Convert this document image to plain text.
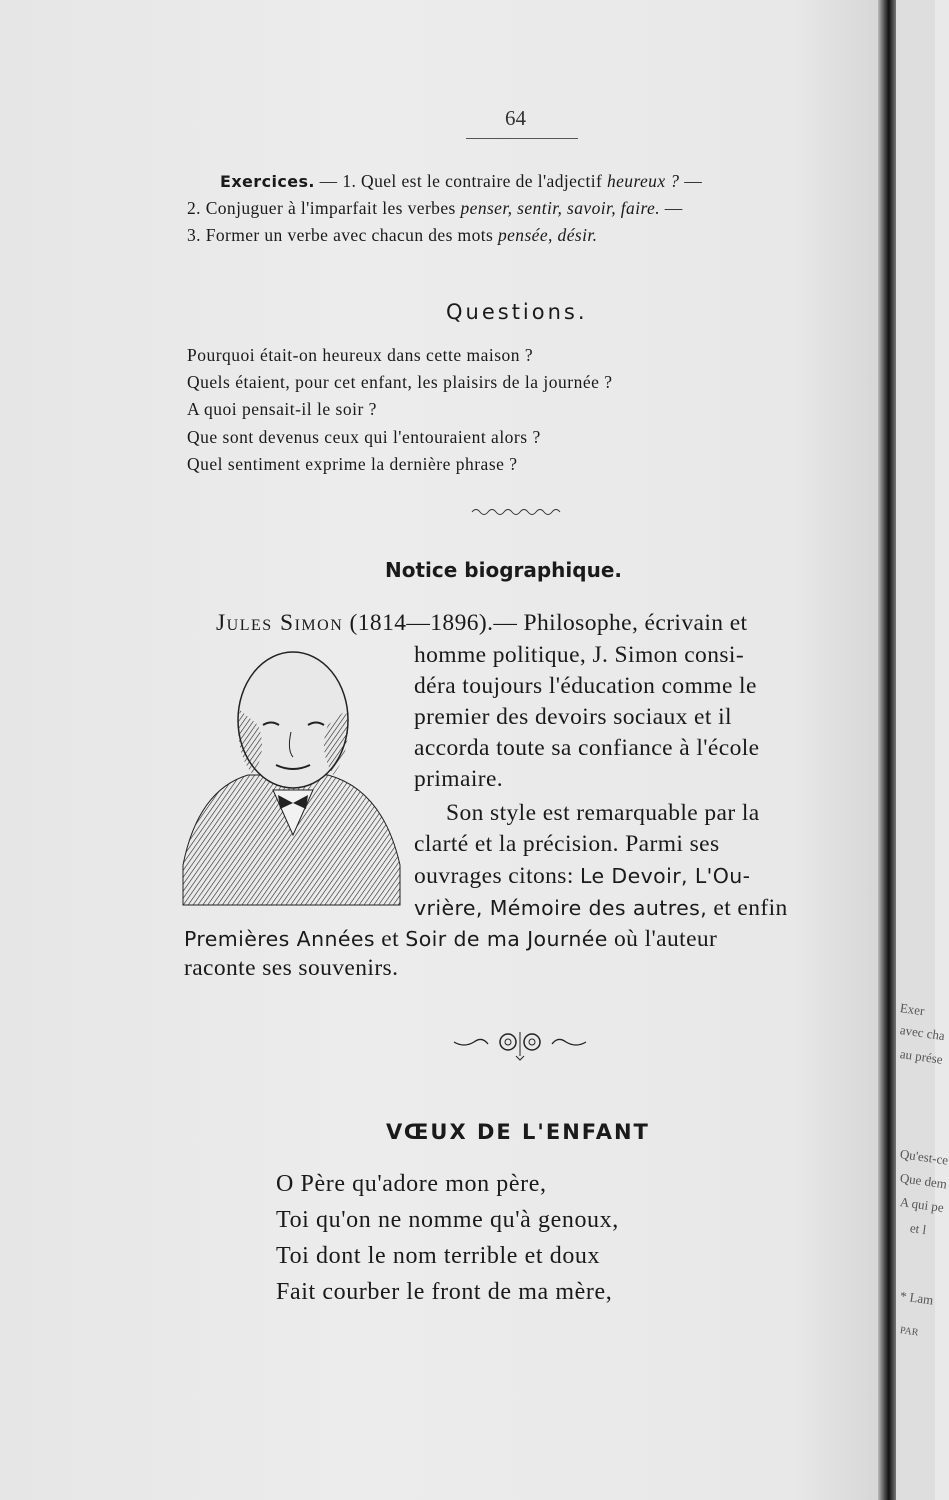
64
Exercices. — 1. Quel est le contraire de l'adjectif heureux ? —
2. Conjuguer à l'imparfait les verbes penser, sentir, savoir, faire. —
3. Former un verbe avec chacun des mots pensée, désir.
Questions.
Pourquoi était-on heureux dans cette maison ?
Quels étaient, pour cet enfant, les plaisirs de la journée ?
A quoi pensait-il le soir ?
Que sont devenus ceux qui l'entouraient alors ?
Quel sentiment exprime la dernière phrase ?
Notice biographique.
Jules Simon (1814—1896).— Philosophe, écrivain et
homme politique, J. Simon consi-
déra toujours l'éducation comme le
premier des devoirs sociaux et il
accorda toute sa confiance à l'école
primaire.
Son style est remarquable par la
clarté et la précision. Parmi ses
ouvrages citons: Le Devoir, L'Ou-
vrière, Mémoire des autres, et enfin
Premières Années et Soir de ma Journée où l'auteur
raconte ses souvenirs.
VŒUX DE L'ENFANT
O Père qu'adore mon père,
Toi qu'on ne nomme qu'à genoux,
Toi dont le nom terrible et doux
Fait courber le front de ma mère,
Exer
avec cha
au prése
Qu'est-ce
Que dem
A qui pe
et l
* Lam
PAR
